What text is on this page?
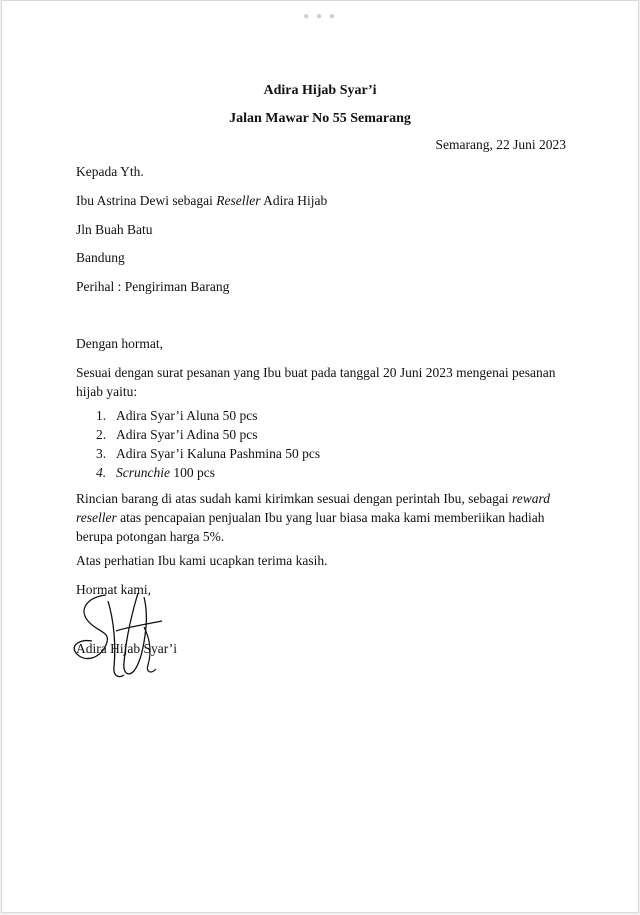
● ● ●
Adira Hijab Syar’i
Jalan Mawar No 55 Semarang
Semarang, 22 Juni 2023
Kepada Yth.
Ibu Astrina Dewi sebagai Reseller Adira Hijab
Jln Buah Batu
Bandung
Perihal : Pengiriman Barang
Dengan hormat,
Sesuai dengan surat pesanan yang Ibu buat pada tanggal 20 Juni 2023 mengenai pesanan hijab yaitu:
1. Adira Syar’i Aluna 50 pcs
2. Adira Syar’i Adina 50 pcs
3. Adira Syar’i Kaluna Pashmina 50 pcs
4. Scrunchie 100 pcs
Rincian barang di atas sudah kami kirimkan sesuai dengan perintah Ibu, sebagai reward reseller atas pencapaian penjualan Ibu yang luar biasa maka kami memberiikan hadiah berupa potongan harga 5%.
Atas perhatian Ibu kami ucapkan terima kasih.
Hormat kami,
Adira Hijab Syar’i
